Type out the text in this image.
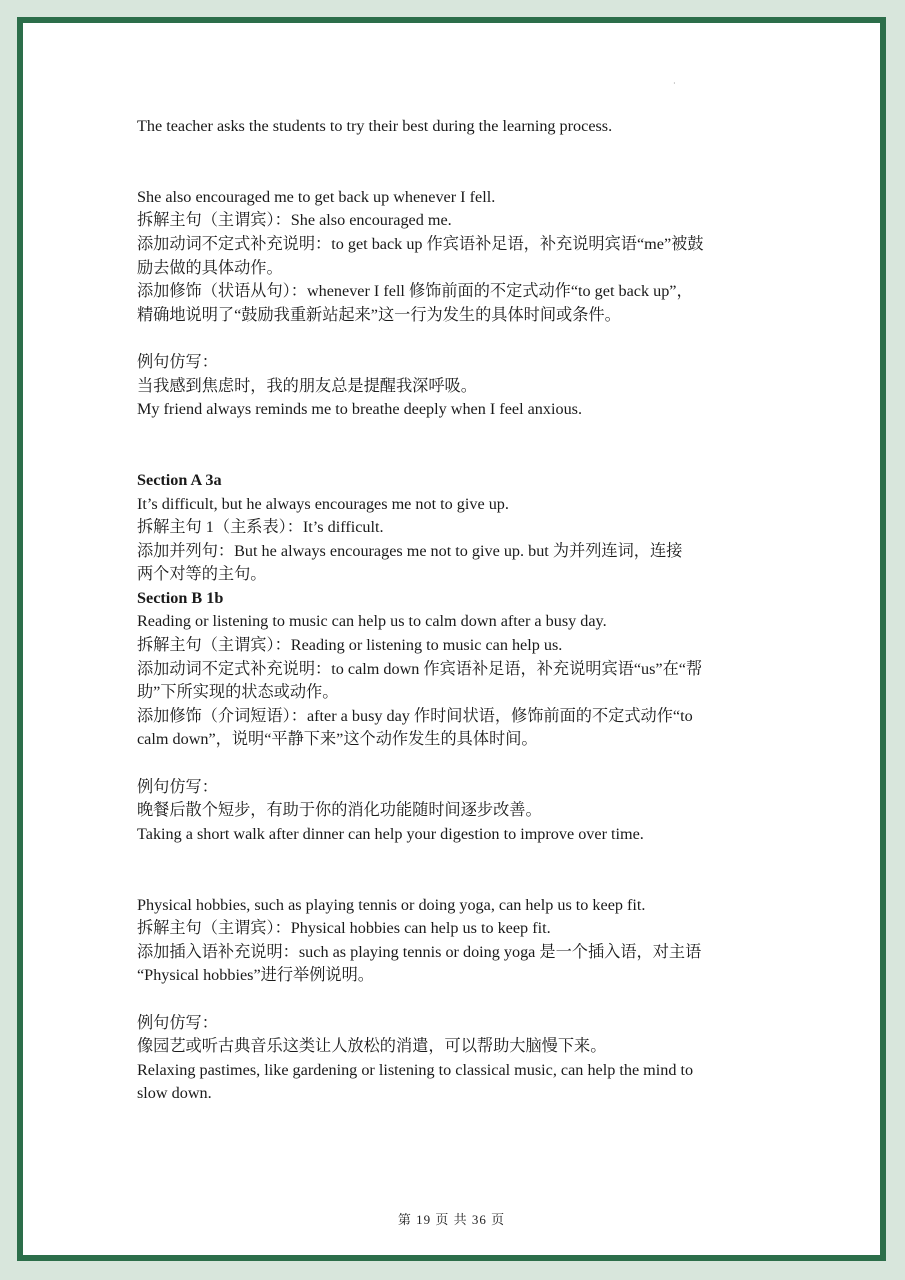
·
The teacher asks the students to try their best during the learning process.
She also encouraged me to get back up whenever I fell.
拆解主句（主谓宾）：She also encouraged me.
添加动词不定式补充说明：to get back up 作宾语补足语，补充说明宾语“me”被鼓
励去做的具体动作。
添加修饰（状语从句）：whenever I fell 修饰前面的不定式动作“to get back up”，
精确地说明了“鼓励我重新站起来”这一行为发生的具体时间或条件。
例句仿写：
当我感到焦虑时，我的朋友总是提醒我深呼吸。
My friend always reminds me to breathe deeply when I feel anxious.
Section A 3a
It’s difficult, but he always encourages me not to give up.
拆解主句 1（主系表）：It’s difficult.
添加并列句：But he always encourages me not to give up. but 为并列连词，连接
两个对等的主句。
Section B 1b
Reading or listening to music can help us to calm down after a busy day.
拆解主句（主谓宾）：Reading or listening to music can help us.
添加动词不定式补充说明：to calm down 作宾语补足语，补充说明宾语“us”在“帮
助”下所实现的状态或动作。
添加修饰（介词短语）：after a busy day 作时间状语，修饰前面的不定式动作“to
calm down”，说明“平静下来”这个动作发生的具体时间。
例句仿写：
晚餐后散个短步，有助于你的消化功能随时间逐步改善。
Taking a short walk after dinner can help your digestion to improve over time.
Physical hobbies, such as playing tennis or doing yoga, can help us to keep fit.
拆解主句（主谓宾）：Physical hobbies can help us to keep fit.
添加插入语补充说明：such as playing tennis or doing yoga 是一个插入语，对主语
“Physical hobbies”进行举例说明。
例句仿写：
像园艺或听古典音乐这类让人放松的消遣，可以帮助大脑慢下来。
Relaxing pastimes, like gardening or listening to classical music, can help the mind to
slow down.
第 19 页 共 36 页
